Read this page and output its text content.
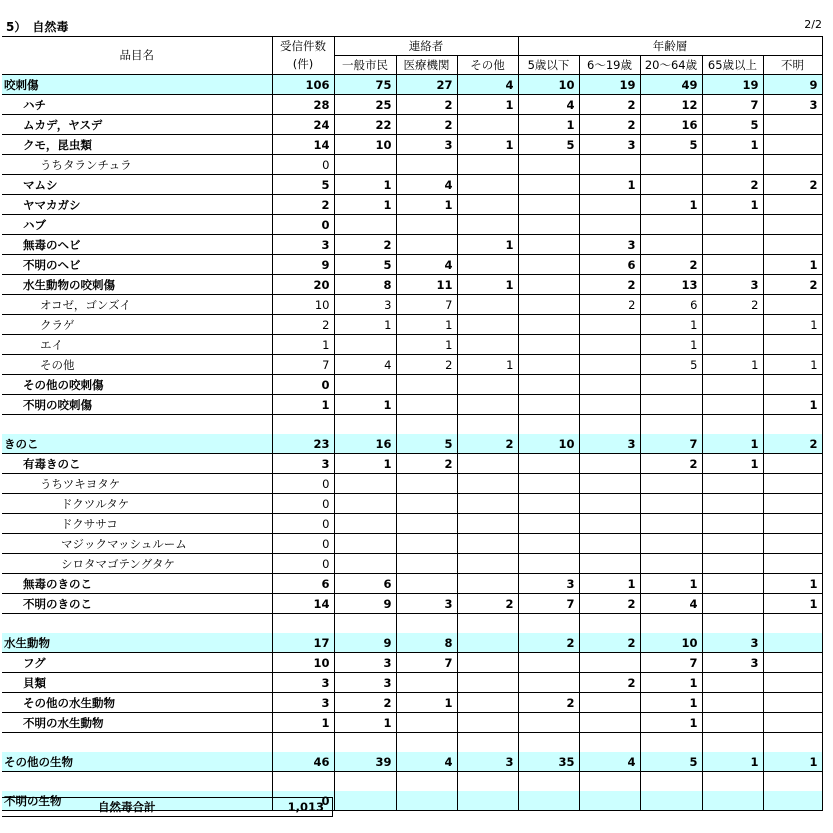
5）　自然毒	2/2
品目名	受信件数	連絡者			年齢層				
	(件)	一般市民	医療機関	その他	5歳以下	6～19歳	20～64歳	65歳以上	不明
咬刺傷	106	75	27	4	10	19	49	19	9
ハチ	28	25	2	1	4	2	12	7	3
ムカデ，ヤスデ	24	22	2		1	2	16	5	
クモ，昆虫類	14	10	3	1	5	3	5	1	
うちタランチュラ	0								
マムシ	5	1	4			1		2	2
ヤマカガシ	2	1	1				1	1	
ハブ	0								
無毒のヘビ	3	2		1		3			
不明のヘビ	9	5	4			6	2		1
水生動物の咬刺傷	20	8	11	1		2	13	3	2
オコゼ，ゴンズイ	10	3	7			2	6	2	
クラゲ	2	1	1				1		1
エイ	1		1				1		
その他	7	4	2	1			5	1	1
その他の咬刺傷	0								
不明の咬刺傷	1	1							1

きのこ	23	16	5	2	10	3	7	1	2
有毒きのこ	3	1	2				2	1	
うちツキヨタケ	0								
ドクツルタケ	0								
ドクササコ	0								
マジックマッシュルーム	0								
シロタマゴテングタケ	0								
無毒のきのこ	6	6			3	1	1		1
不明のきのこ	14	9	3	2	7	2	4		1

水生動物	17	9	8		2	2	10	3	
フグ	10	3	7				7	3	
貝類	3	3				2	1		
その他の水生動物	3	2	1		2		1		
不明の水生動物	1	1					1		

その他の生物	46	39	4	3	35	4	5	1	1

不明の生物	0								
自然毒合計	1,013
